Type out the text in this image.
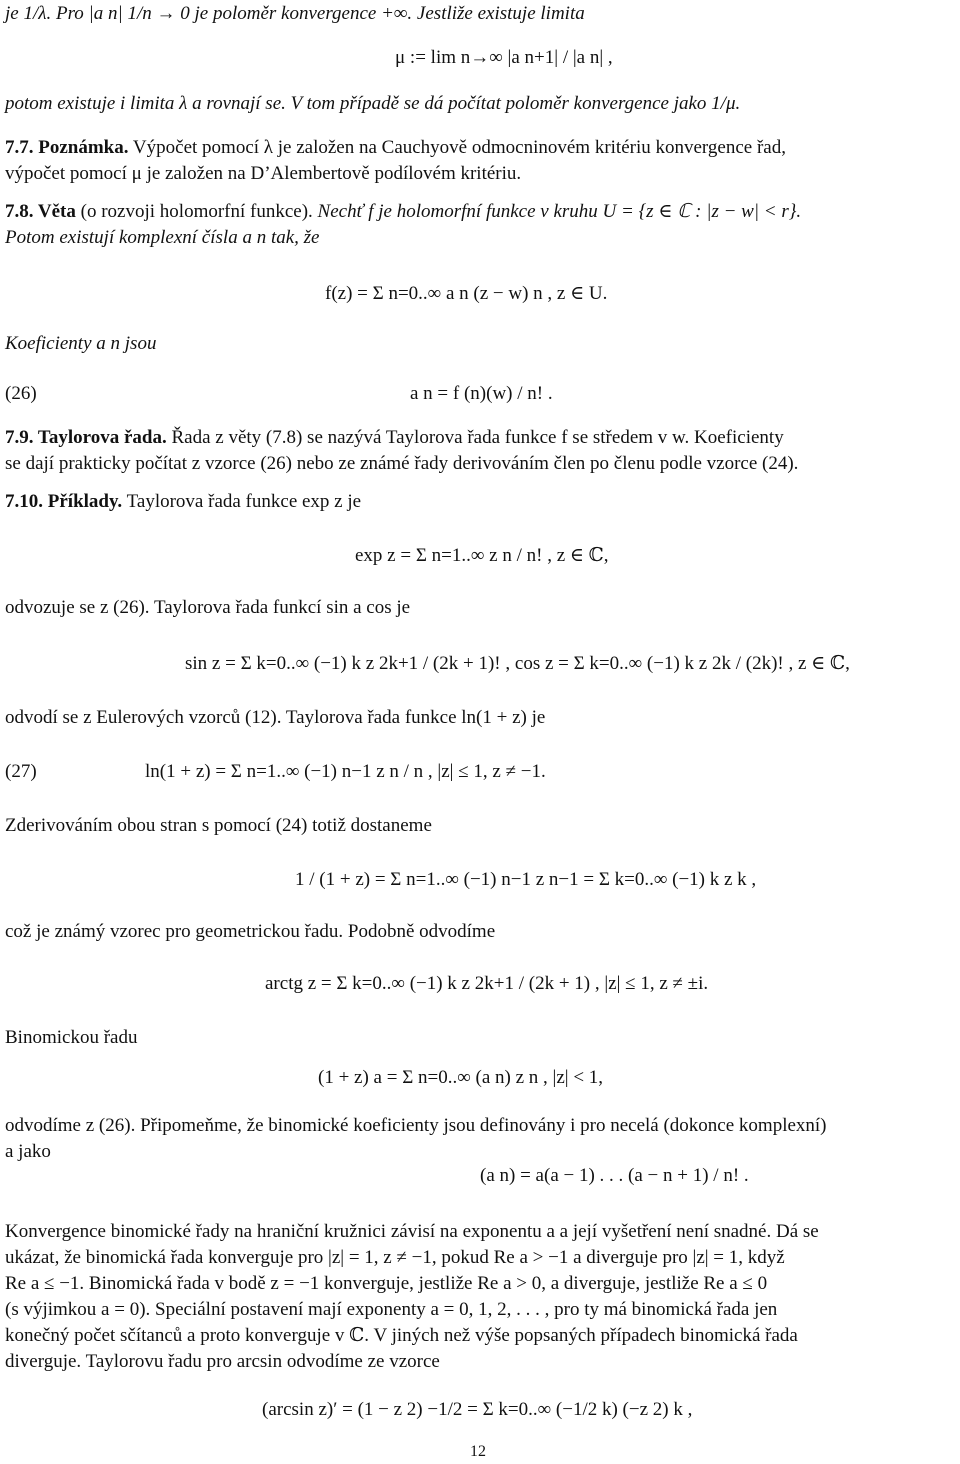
je 1/λ. Pro |a n| 1/n → 0 je poloměr konvergence +∞. Jestliže existuje limita
μ := lim n→∞ |a n+1| / |a n| ,
potom existuje i limita λ a rovnají se. V tom případě se dá počítat poloměr konvergence jako 1/μ.
7.7. Poznámka. Výpočet pomocí λ je založen na Cauchyově odmocninovém kritériu konvergence řad,
výpočet pomocí μ je založen na D’Alembertově podílovém kritériu.
7.8. Věta (o rozvoji holomorfní funkce). Nechť f je holomorfní funkce v kruhu U = {z ∈ ℂ : |z − w| < r}.
Potom existují komplexní čísla a n tak, že
f(z) = Σ n=0..∞ a n (z − w) n , z ∈ U.
Koeficienty a n jsou
(26)	a n = f (n)(w) / n! .
7.9. Taylorova řada. Řada z věty (7.8) se nazývá Taylorova řada funkce f se středem v w. Koeficienty
se dají prakticky počítat z vzorce (26) nebo ze známé řady derivováním člen po členu podle vzorce (24).
7.10. Příklady. Taylorova řada funkce exp z je
exp z = Σ n=1..∞ z n / n! , z ∈ ℂ,
odvozuje se z (26). Taylorova řada funkcí sin a cos je
sin z = Σ k=0..∞ (−1) k z 2k+1 / (2k + 1)! , cos z = Σ k=0..∞ (−1) k z 2k / (2k)! , z ∈ ℂ,
odvodí se z Eulerových vzorců (12). Taylorova řada funkce ln(1 + z) je
(27)	ln(1 + z) = Σ n=1..∞ (−1) n−1 z n / n , |z| ≤ 1, z ≠ −1.
Zderivováním obou stran s pomocí (24) totiž dostaneme
1 / (1 + z) = Σ n=1..∞ (−1) n−1 z n−1 = Σ k=0..∞ (−1) k z k ,
což je známý vzorec pro geometrickou řadu. Podobně odvodíme
arctg z = Σ k=0..∞ (−1) k z 2k+1 / (2k + 1) , |z| ≤ 1, z ≠ ±i.
Binomickou řadu
(1 + z) a = Σ n=0..∞ (a n) z n , |z| < 1,
odvodíme z (26). Připomeňme, že binomické koeficienty jsou definovány i pro necelá (dokonce komplexní)
a jako
(a n) = a(a − 1) . . . (a − n + 1) / n! .
Konvergence binomické řady na hraniční kružnici závisí na exponentu a a její vyšetření není snadné. Dá se
ukázat, že binomická řada konverguje pro |z| = 1, z ≠ −1, pokud Re a > −1 a diverguje pro |z| = 1, když
Re a ≤ −1. Binomická řada v bodě z = −1 konverguje, jestliže Re a > 0, a diverguje, jestliže Re a ≤ 0
(s výjimkou a = 0). Speciální postavení mají exponenty a = 0, 1, 2, . . . , pro ty má binomická řada jen
konečný počet sčítanců a proto konverguje v ℂ. V jiných než výše popsaných případech binomická řada
diverguje. Taylorovu řadu pro arcsin odvodíme ze vzorce
(arcsin z)′ = (1 − z 2) −1/2 = Σ k=0..∞ (−1/2 k) (−z 2) k ,
12
